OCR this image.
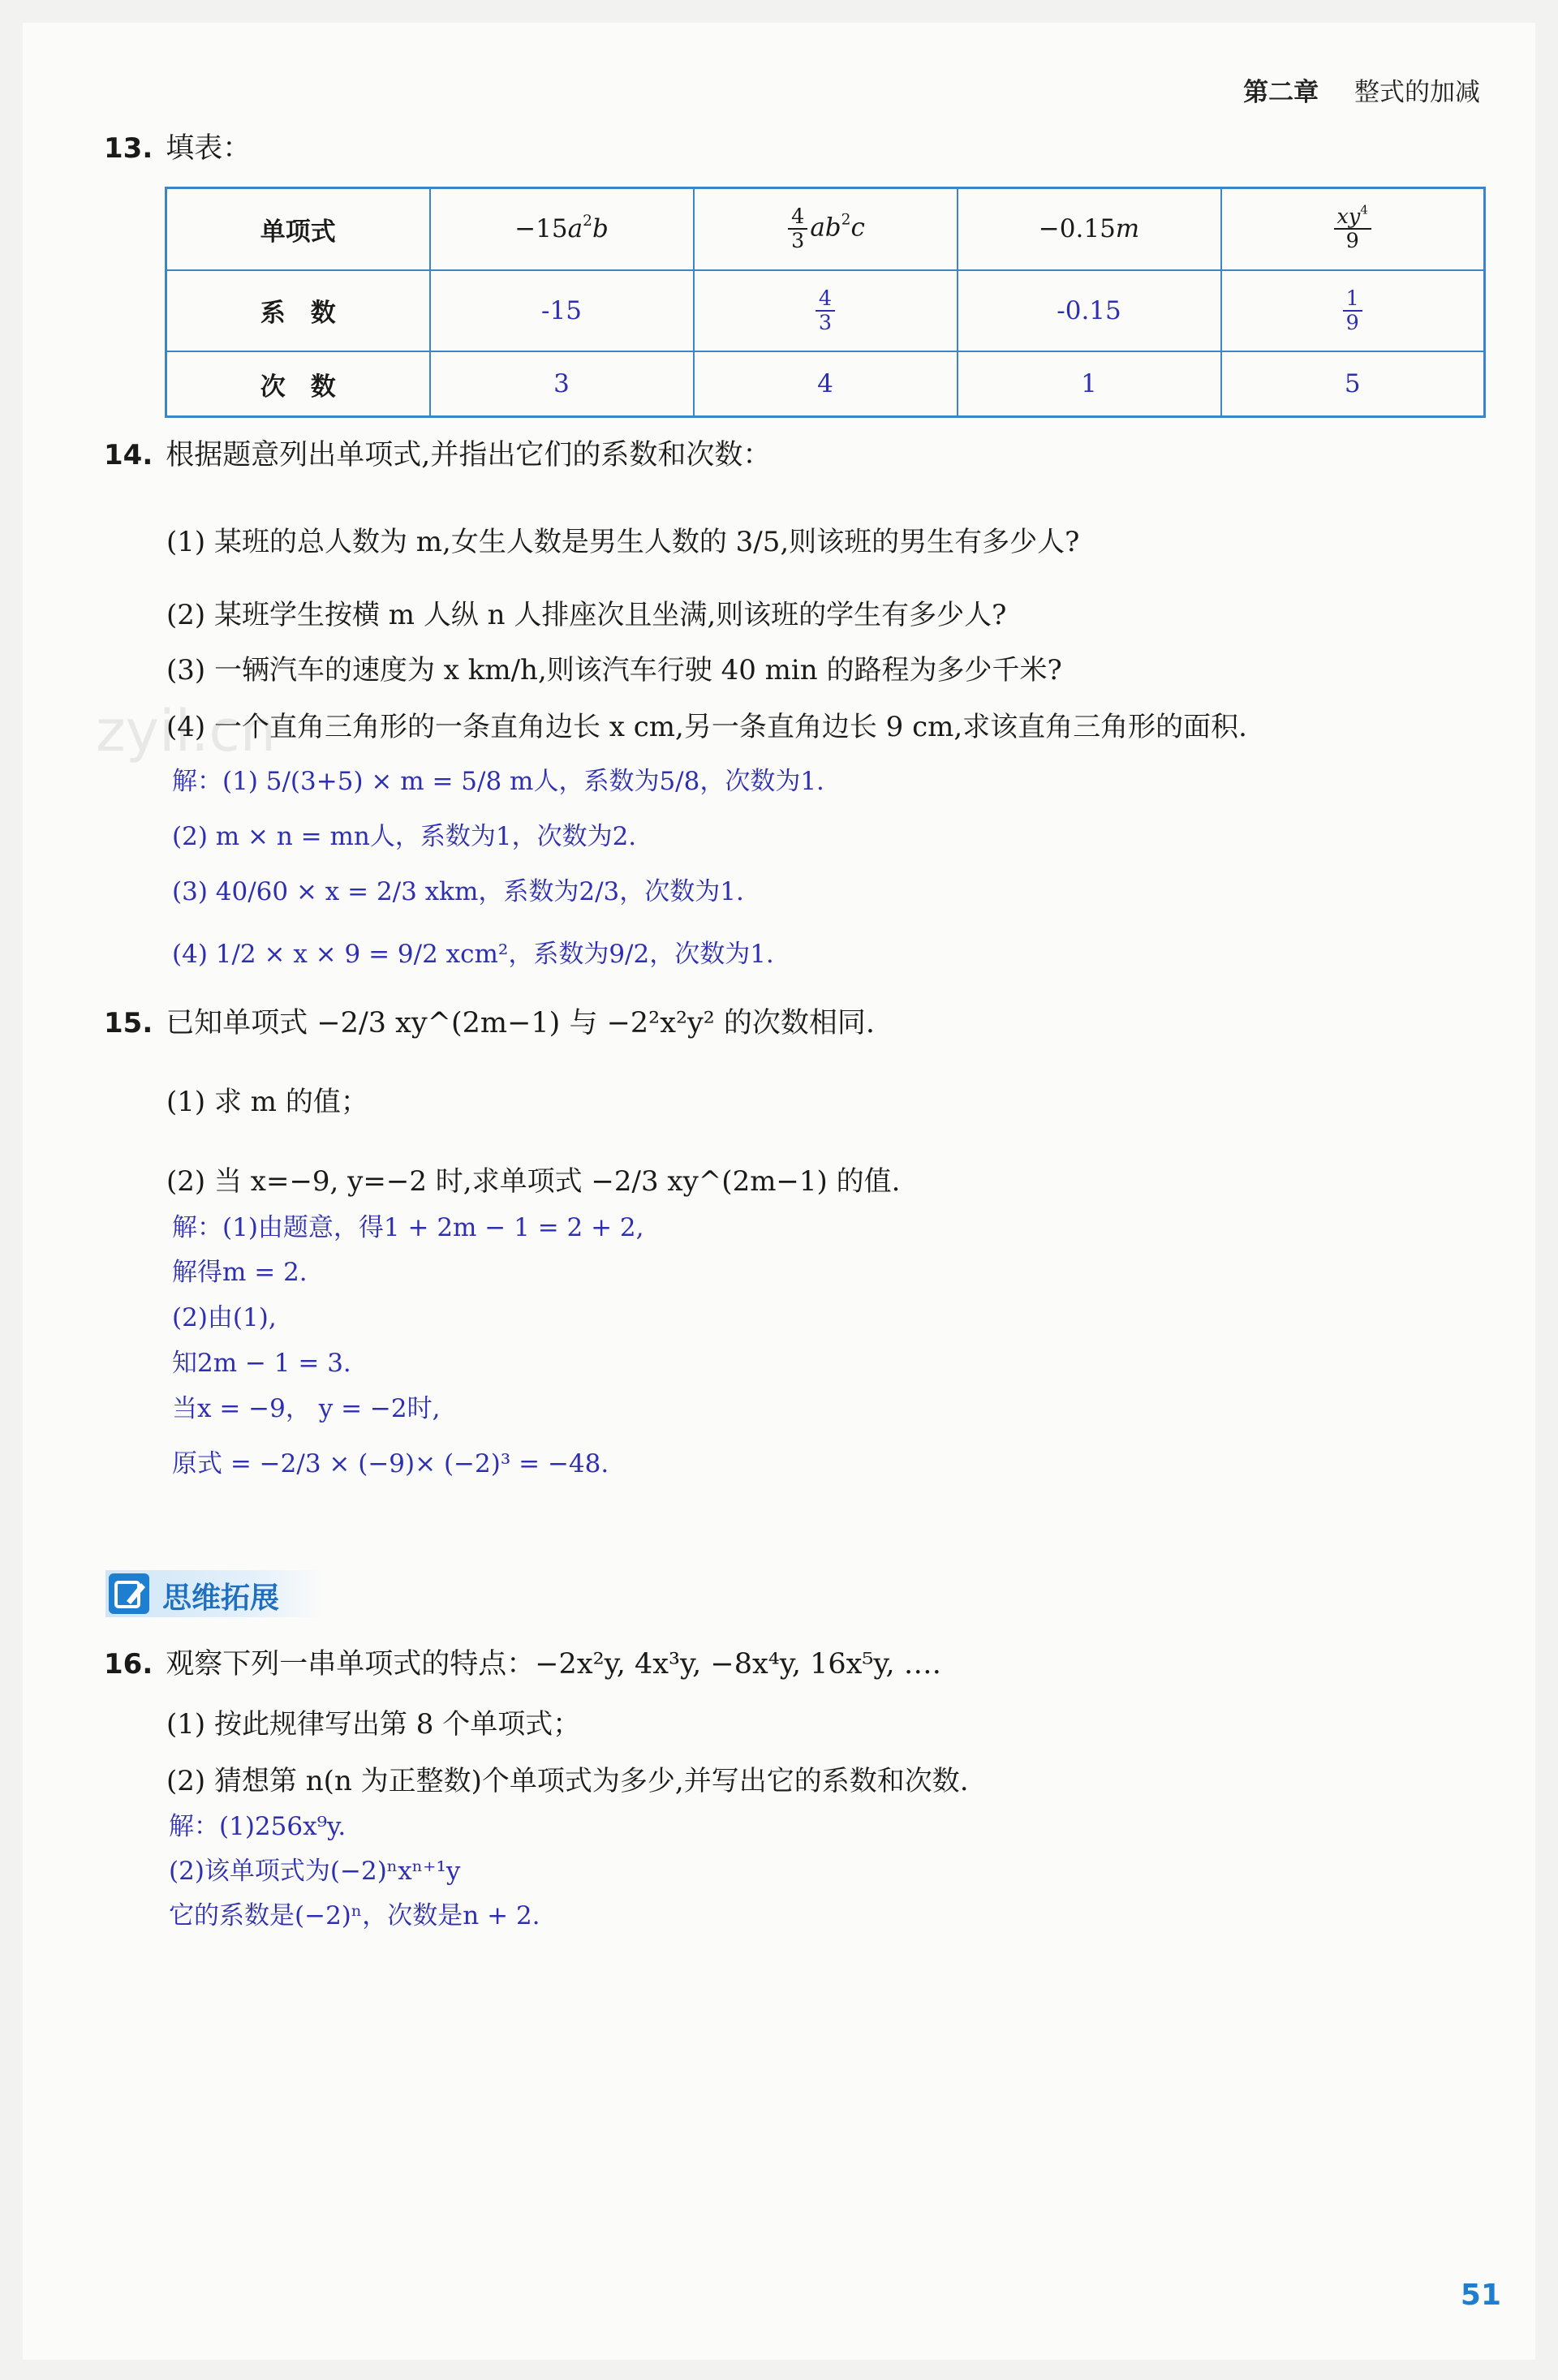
第二章 整式的加减
zyil.cn
13. 填表：
单项式	$-15a^2b$	$\frac{4}{3} ab^2c$	−0.15m	$\frac{xy^4}{9}$

系　数	-15	$\frac{4}{3}$	-0.15	$\frac{1}{9}$

次　数	3	4	1	5
14. 根据题意列出单项式,并指出它们的系数和次数：
(1) 某班的总人数为 m,女生人数是男生人数的 3/5,则该班的男生有多少人?
(2) 某班学生按横 m 人纵 n 人排座次且坐满,则该班的学生有多少人?
(3) 一辆汽车的速度为 x km/h,则该汽车行驶 40 min 的路程为多少千米?
(4) 一个直角三角形的一条直角边长 x cm,另一条直角边长 9 cm,求该直角三角形的面积.
解：(1) 5/(3+5) × m = 5/8 m人，系数为5/8，次数为1.
(2) m × n = mn人，系数为1，次数为2.
(3) 40/60 × x = 2/3 xkm，系数为2/3，次数为1.
(4) 1/2 × x × 9 = 9/2 xcm²，系数为9/2，次数为1.
15. 已知单项式 −2/3 xy^(2m−1) 与 −2²x²y² 的次数相同.
(1) 求 m 的值；
(2) 当 x=−9, y=−2 时,求单项式 −2/3 xy^(2m−1) 的值.
解：(1)由题意，得1 + 2m − 1 = 2 + 2,
解得m = 2.
(2)由(1),
知2m − 1 = 3.
当x = −9， y = −2时,
原式 = −2/3 × (−9)× (−2)³ = −48.
思维拓展
16. 观察下列一串单项式的特点：−2x²y, 4x³y, −8x⁴y, 16x⁵y, ….
(1) 按此规律写出第 8 个单项式；
(2) 猜想第 n(n 为正整数)个单项式为多少,并写出它的系数和次数.
解：(1)256x⁹y.
(2)该单项式为(−2)ⁿxⁿ⁺¹y
它的系数是(−2)ⁿ，次数是n + 2.
51
